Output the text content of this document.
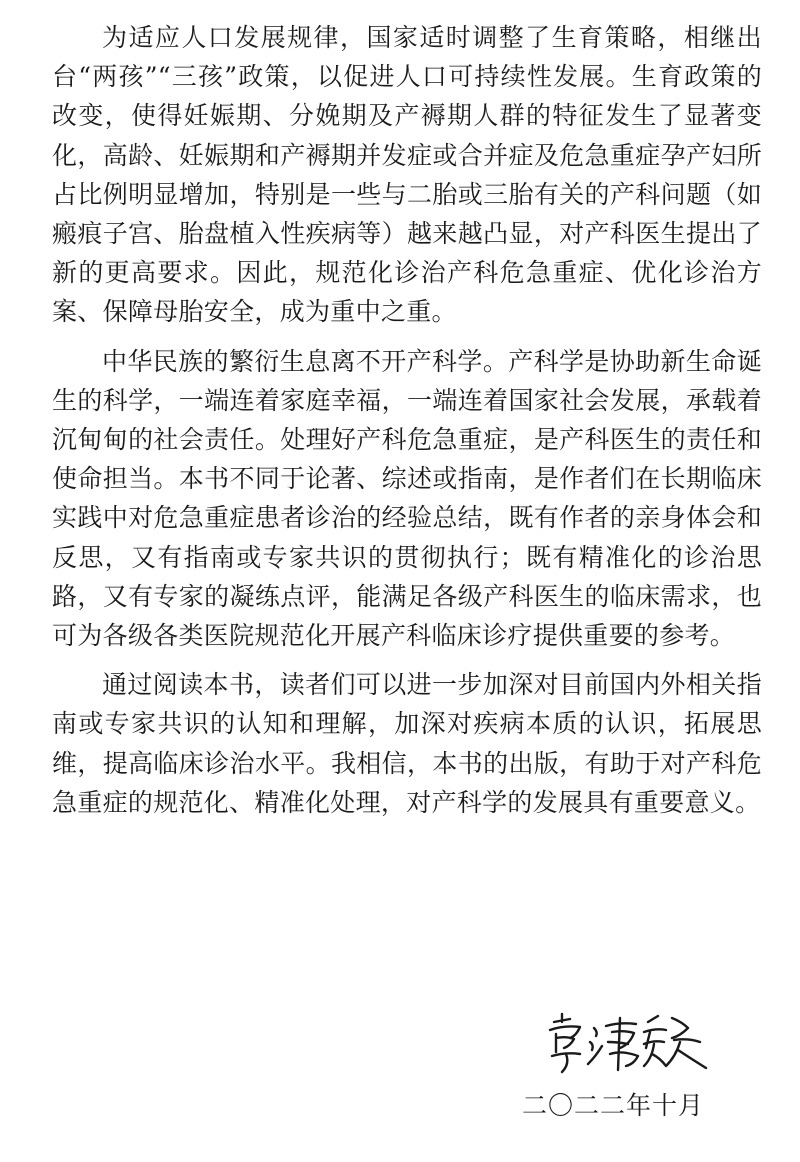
为适应人口发展规律，国家适时调整了生育策略，相继出台“两孩”“三孩”政策，以促进人口可持续性发展。生育政策的改变，使得妊娠期、分娩期及产褥期人群的特征发生了显著变化，高龄、妊娠期和产褥期并发症或合并症及危急重症孕产妇所占比例明显增加，特别是一些与二胎或三胎有关的产科问题（如瘢痕子宫、胎盘植入性疾病等）越来越凸显，对产科医生提出了新的更高要求。因此，规范化诊治产科危急重症、优化诊治方案、保障母胎安全，成为重中之重。

中华民族的繁衍生息离不开产科学。产科学是协助新生命诞生的科学，一端连着家庭幸福，一端连着国家社会发展，承载着沉甸甸的社会责任。处理好产科危急重症，是产科医生的责任和使命担当。本书不同于论著、综述或指南，是作者们在长期临床实践中对危急重症患者诊治的经验总结，既有作者的亲身体会和反思，又有指南或专家共识的贯彻执行；既有精准化的诊治思路，又有专家的凝练点评，能满足各级产科医生的临床需求，也可为各级各类医院规范化开展产科临床诊疗提供重要的参考。

通过阅读本书，读者们可以进一步加深对目前国内外相关指南或专家共识的认知和理解，加深对疾病本质的认识，拓展思维，提高临床诊治水平。我相信，本书的出版，有助于对产科危急重症的规范化、精准化处理，对产科学的发展具有重要意义。

二〇二二年十月
